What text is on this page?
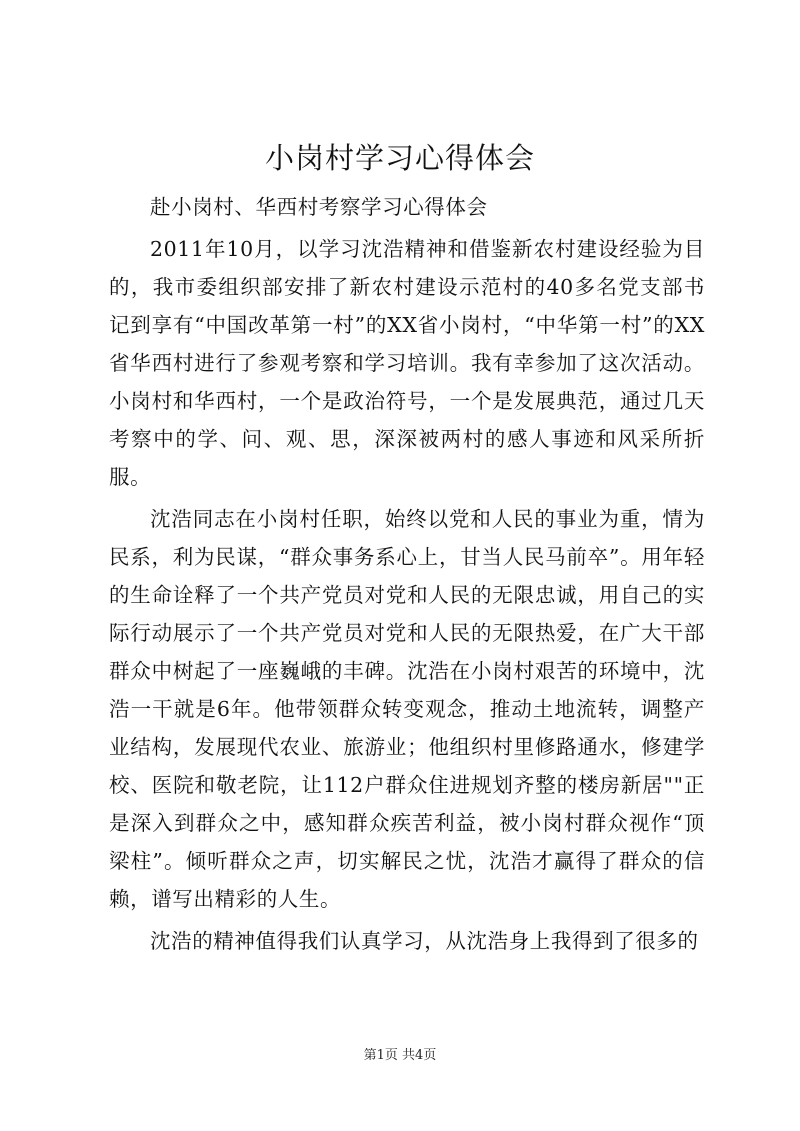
小岗村学习心得体会

赴小岗村、华西村考察学习心得体会

2011年10月，以学习沈浩精神和借鉴新农村建设经验为目的，我市委组织部安排了新农村建设示范村的40多名党支部书记到享有“中国改革第一村”的XX省小岗村，“中华第一村”的XX省华西村进行了参观考察和学习培训。我有幸参加了这次活动。小岗村和华西村，一个是政治符号，一个是发展典范，通过几天考察中的学、问、观、思，深深被两村的感人事迹和风采所折服。

沈浩同志在小岗村任职，始终以党和人民的事业为重，情为民系，利为民谋，“群众事务系心上，甘当人民马前卒”。用年轻的生命诠释了一个共产党员对党和人民的无限忠诚，用自己的实际行动展示了一个共产党员对党和人民的无限热爱，在广大干部群众中树起了一座巍峨的丰碑。沈浩在小岗村艰苦的环境中，沈浩一干就是6年。他带领群众转变观念，推动土地流转，调整产业结构，发展现代农业、旅游业；他组织村里修路通水，修建学校、医院和敬老院，让112户群众住进规划齐整的楼房新居""正是深入到群众之中，感知群众疾苦利益，被小岗村群众视作“顶梁柱”。倾听群众之声，切实解民之忧，沈浩才赢得了群众的信赖，谱写出精彩的人生。

沈浩的精神值得我们认真学习，从沈浩身上我得到了很多的

第1页 共4页
